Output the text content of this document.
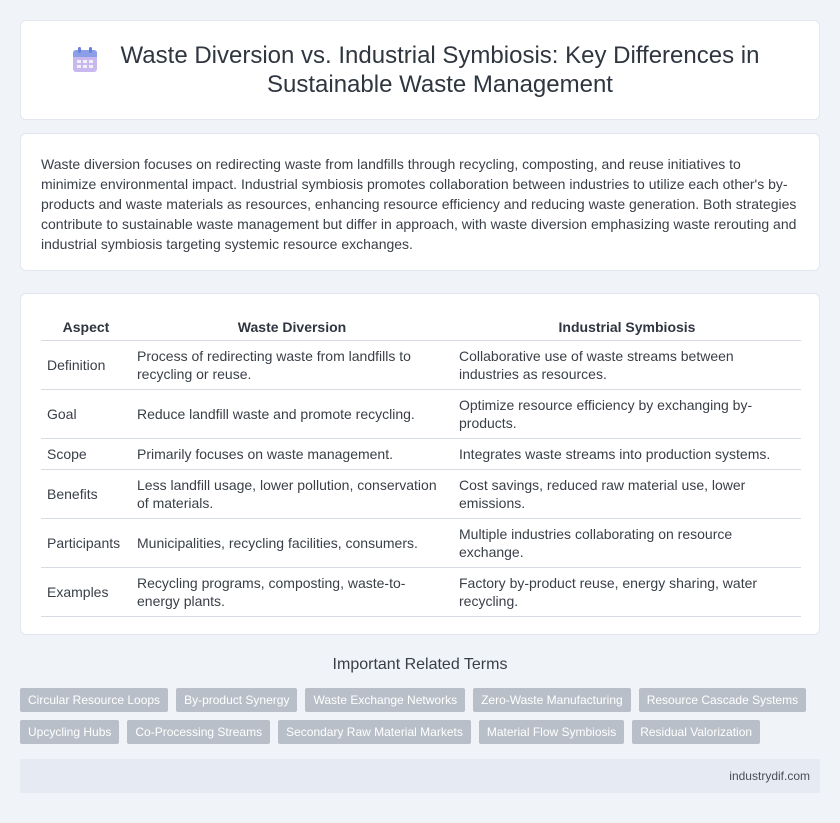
Waste Diversion vs. Industrial Symbiosis: Key Differences in Sustainable Waste Management

Waste diversion focuses on redirecting waste from landfills through recycling, composting, and reuse initiatives to minimize environmental impact. Industrial symbiosis promotes collaboration between industries to utilize each other's by-products and waste materials as resources, enhancing resource efficiency and reducing waste generation. Both strategies contribute to sustainable waste management but differ in approach, with waste diversion emphasizing waste rerouting and industrial symbiosis targeting systemic resource exchanges.

Aspect	Waste Diversion	Industrial Symbiosis
Definition	Process of redirecting waste from landfills to recycling or reuse.	Collaborative use of waste streams between industries as resources.
Goal	Reduce landfill waste and promote recycling.	Optimize resource efficiency by exchanging by-products.
Scope	Primarily focuses on waste management.	Integrates waste streams into production systems.
Benefits	Less landfill usage, lower pollution, conservation of materials.	Cost savings, reduced raw material use, lower emissions.
Participants	Municipalities, recycling facilities, consumers.	Multiple industries collaborating on resource exchange.
Examples	Recycling programs, composting, waste-to-energy plants.	Factory by-product reuse, energy sharing, water recycling.
Important Related Terms
Circular Resource Loops	By-product Synergy	Waste Exchange Networks	Zero-Waste Manufacturing	Resource Cascade Systems
Upcycling Hubs	Co-Processing Streams	Secondary Raw Material Markets	Material Flow Symbiosis	Residual Valorization
industrydif.com
